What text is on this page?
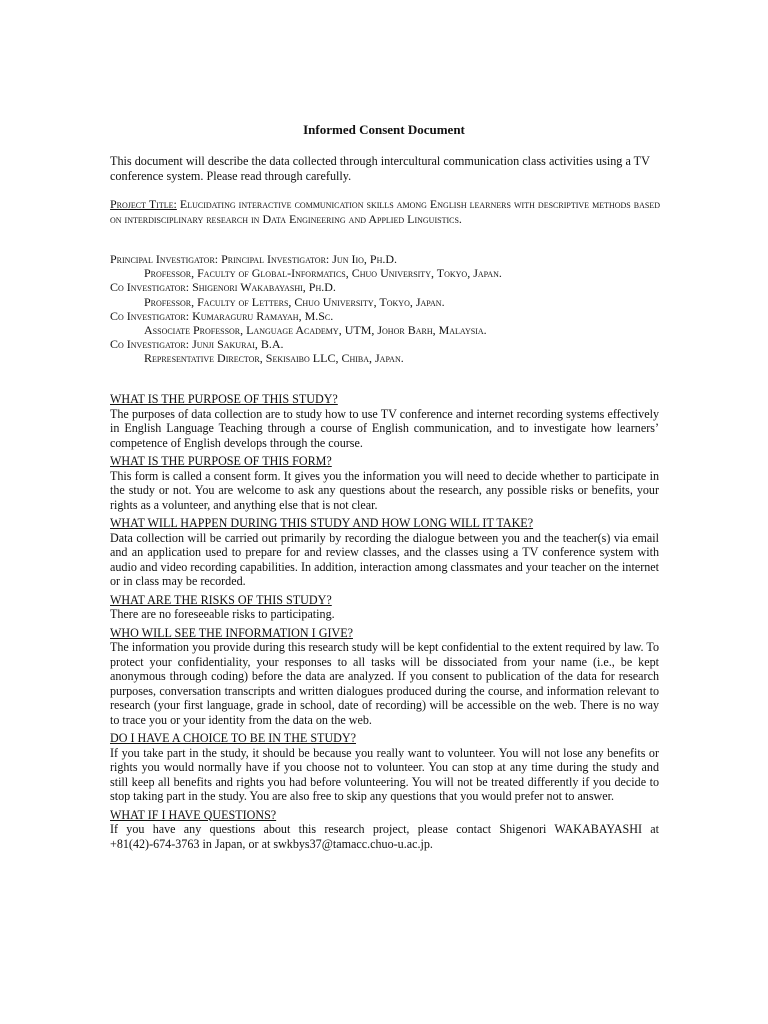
Informed Consent Document
This document will describe the data collected through intercultural communication class activities using a TV conference system. Please read through carefully.
Project Title: Elucidating interactive communication skills among English learners with descriptive methods based on interdisciplinary research in Data Engineering and Applied Linguistics.
Principal Investigator: Principal Investigator: Jun Iio, Ph.D.
Professor, Faculty of Global-Informatics, Chuo University, Tokyo, Japan.
Co Investigator: Shigenori Wakabayashi, Ph.D.
Professor, Faculty of Letters, Chuo University, Tokyo, Japan.
Co Investigator: Kumaraguru Ramayah, M.Sc.
Associate Professor, Language Academy, UTM, Johor Barh, Malaysia.
Co Investigator: Junji Sakurai, B.A.
Representative Director, Sekisaibo LLC, Chiba, Japan.
WHAT IS THE PURPOSE OF THIS STUDY?

The purposes of data collection are to study how to use TV conference and internet recording systems effectively in English Language Teaching through a course of English communication, and to investigate how learners’ competence of English develops through the course.

WHAT IS THE PURPOSE OF THIS FORM?

This form is called a consent form. It gives you the information you will need to decide whether to participate in the study or not. You are welcome to ask any questions about the research, any possible risks or benefits, your rights as a volunteer, and anything else that is not clear.

WHAT WILL HAPPEN DURING THIS STUDY AND HOW LONG WILL IT TAKE?

Data collection will be carried out primarily by recording the dialogue between you and the teacher(s) via email and an application used to prepare for and review classes, and the classes using a TV conference system with audio and video recording capabilities. In addition, interaction among classmates and your teacher on the internet or in class may be recorded.

WHAT ARE THE RISKS OF THIS STUDY?

There are no foreseeable risks to participating.

WHO WILL SEE THE INFORMATION I GIVE?

The information you provide during this research study will be kept confidential to the extent required by law. To protect your confidentiality, your responses to all tasks will be dissociated from your name (i.e., be kept anonymous through coding) before the data are analyzed. If you consent to publication of the data for research purposes, conversation transcripts and written dialogues produced during the course, and information relevant to research (your first language, grade in school, date of recording) will be accessible on the web. There is no way to trace you or your identity from the data on the web.

DO I HAVE A CHOICE TO BE IN THE STUDY?

If you take part in the study, it should be because you really want to volunteer. You will not lose any benefits or rights you would normally have if you choose not to volunteer. You can stop at any time during the study and still keep all benefits and rights you had before volunteering. You will not be treated differently if you decide to stop taking part in the study. You are also free to skip any questions that you would prefer not to answer.

WHAT IF I HAVE QUESTIONS?

If you have any questions about this research project, please contact Shigenori WAKABAYASHI at +81(42)-674-3763 in Japan, or at swkbys37@tamacc.chuo-u.ac.jp.
